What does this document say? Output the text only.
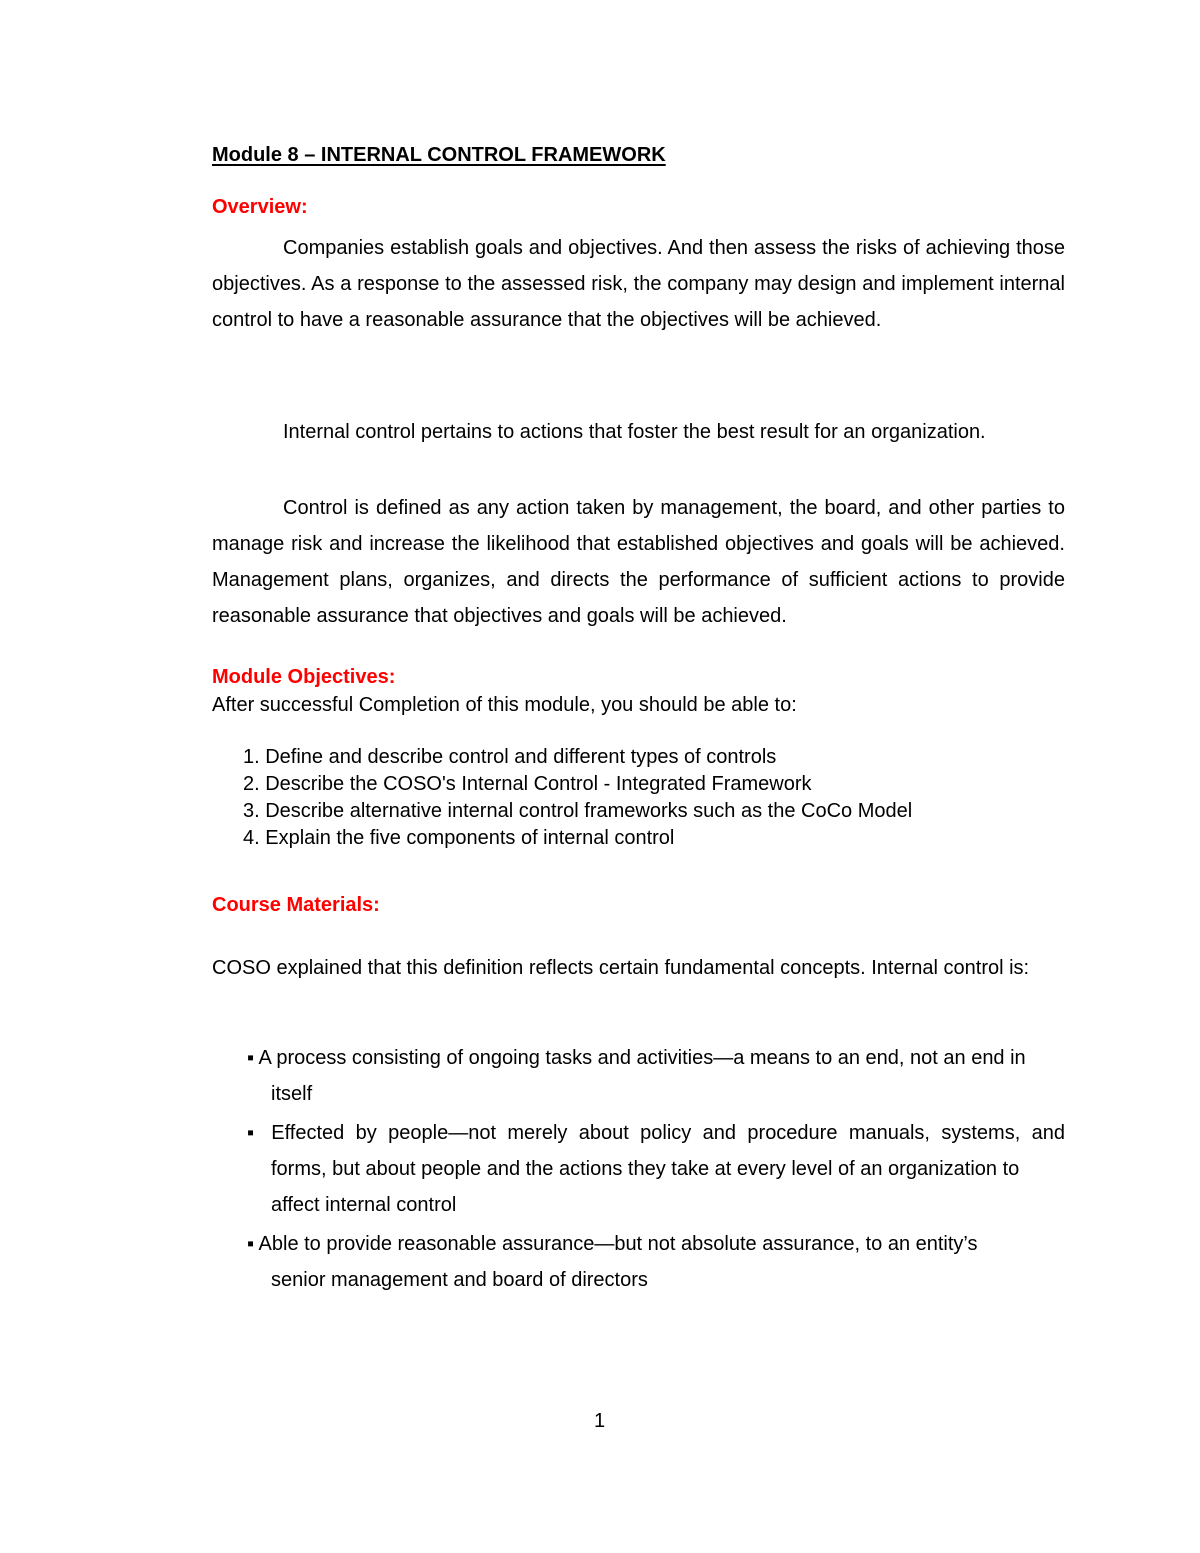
Module 8 – INTERNAL CONTROL FRAMEWORK
Overview:
Companies establish goals and objectives. And then assess the risks of achieving those objectives. As a response to the assessed risk, the company may design and implement internal control to have a reasonable assurance that the objectives will be achieved.
Internal control pertains to actions that foster the best result for an organization.
Control is defined as any action taken by management, the board, and other parties to manage risk and increase the likelihood that established objectives and goals will be achieved. Management plans, organizes, and directs the performance of sufficient actions to provide reasonable assurance that objectives and goals will be achieved.
Module Objectives:
After successful Completion of this module, you should be able to:
1. Define and describe control and different types of controls
2. Describe the COSO's Internal Control - Integrated Framework
3. Describe alternative internal control frameworks such as the CoCo Model
4. Explain the five components of internal control
Course Materials:
COSO explained that this definition reflects certain fundamental concepts. Internal control is:
▪ A process consisting of ongoing tasks and activities—a means to an end, not an end in
itself
▪ Effected by people—not merely about policy and procedure manuals, systems, and
forms, but about people and the actions they take at every level of an organization to affect internal control
▪ Able to provide reasonable assurance—but not absolute assurance, to an entity’s
senior management and board of directors
1
